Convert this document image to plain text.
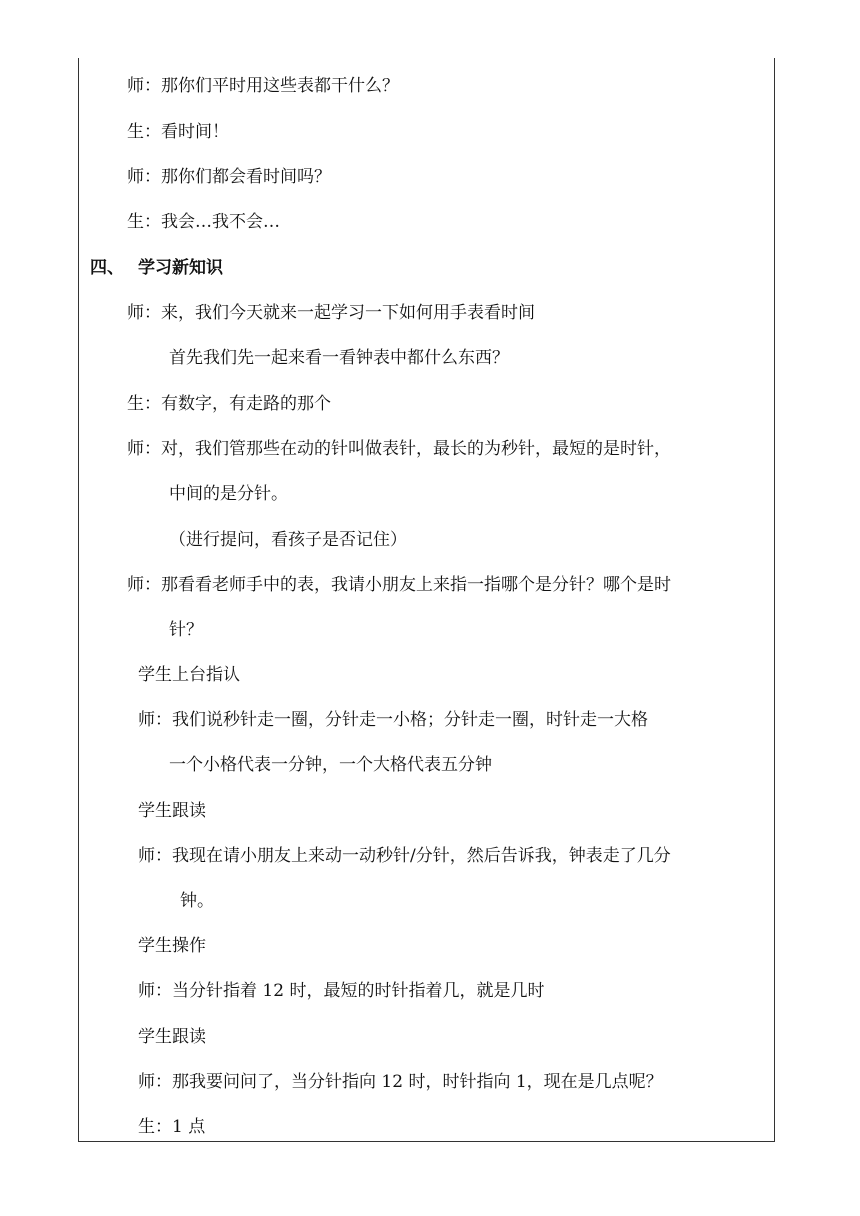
师：那你们平时用这些表都干什么？
生：看时间！
师：那你们都会看时间吗？
生：我会…我不会…
四、 学习新知识
师：来，我们今天就来一起学习一下如何用手表看时间
首先我们先一起来看一看钟表中都什么东西？
生：有数字，有走路的那个
师：对，我们管那些在动的针叫做表针，最长的为秒针，最短的是时针，
中间的是分针。
（进行提问，看孩子是否记住）
师：那看看老师手中的表，我请小朋友上来指一指哪个是分针？哪个是时
针？
学生上台指认
师：我们说秒针走一圈，分针走一小格；分针走一圈，时针走一大格
一个小格代表一分钟，一个大格代表五分钟
学生跟读
师：我现在请小朋友上来动一动秒针/分针，然后告诉我，钟表走了几分
钟。
学生操作
师：当分针指着 12 时，最短的时针指着几，就是几时
学生跟读
师：那我要问问了，当分针指向 12 时，时针指向 1，现在是几点呢？
生：1 点
